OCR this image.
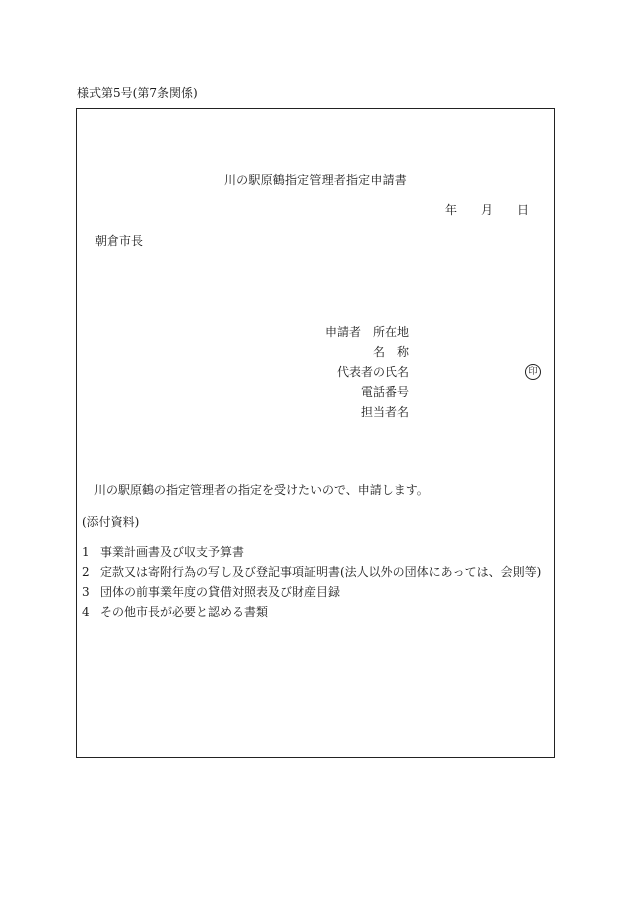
様式第5号(第7条関係)
川の駅原鶴指定管理者指定申請書
年 月 日
朝倉市長
申請者 所在地
名　称
代表者の氏名
電話番号
担当者名
印
川の駅原鶴の指定管理者の指定を受けたいので、申請します。
(添付資料)
1 事業計画書及び収支予算書
2 定款又は寄附行為の写し及び登記事項証明書(法人以外の団体にあっては、会則等)
3 団体の前事業年度の貸借対照表及び財産目録
4 その他市長が必要と認める書類
